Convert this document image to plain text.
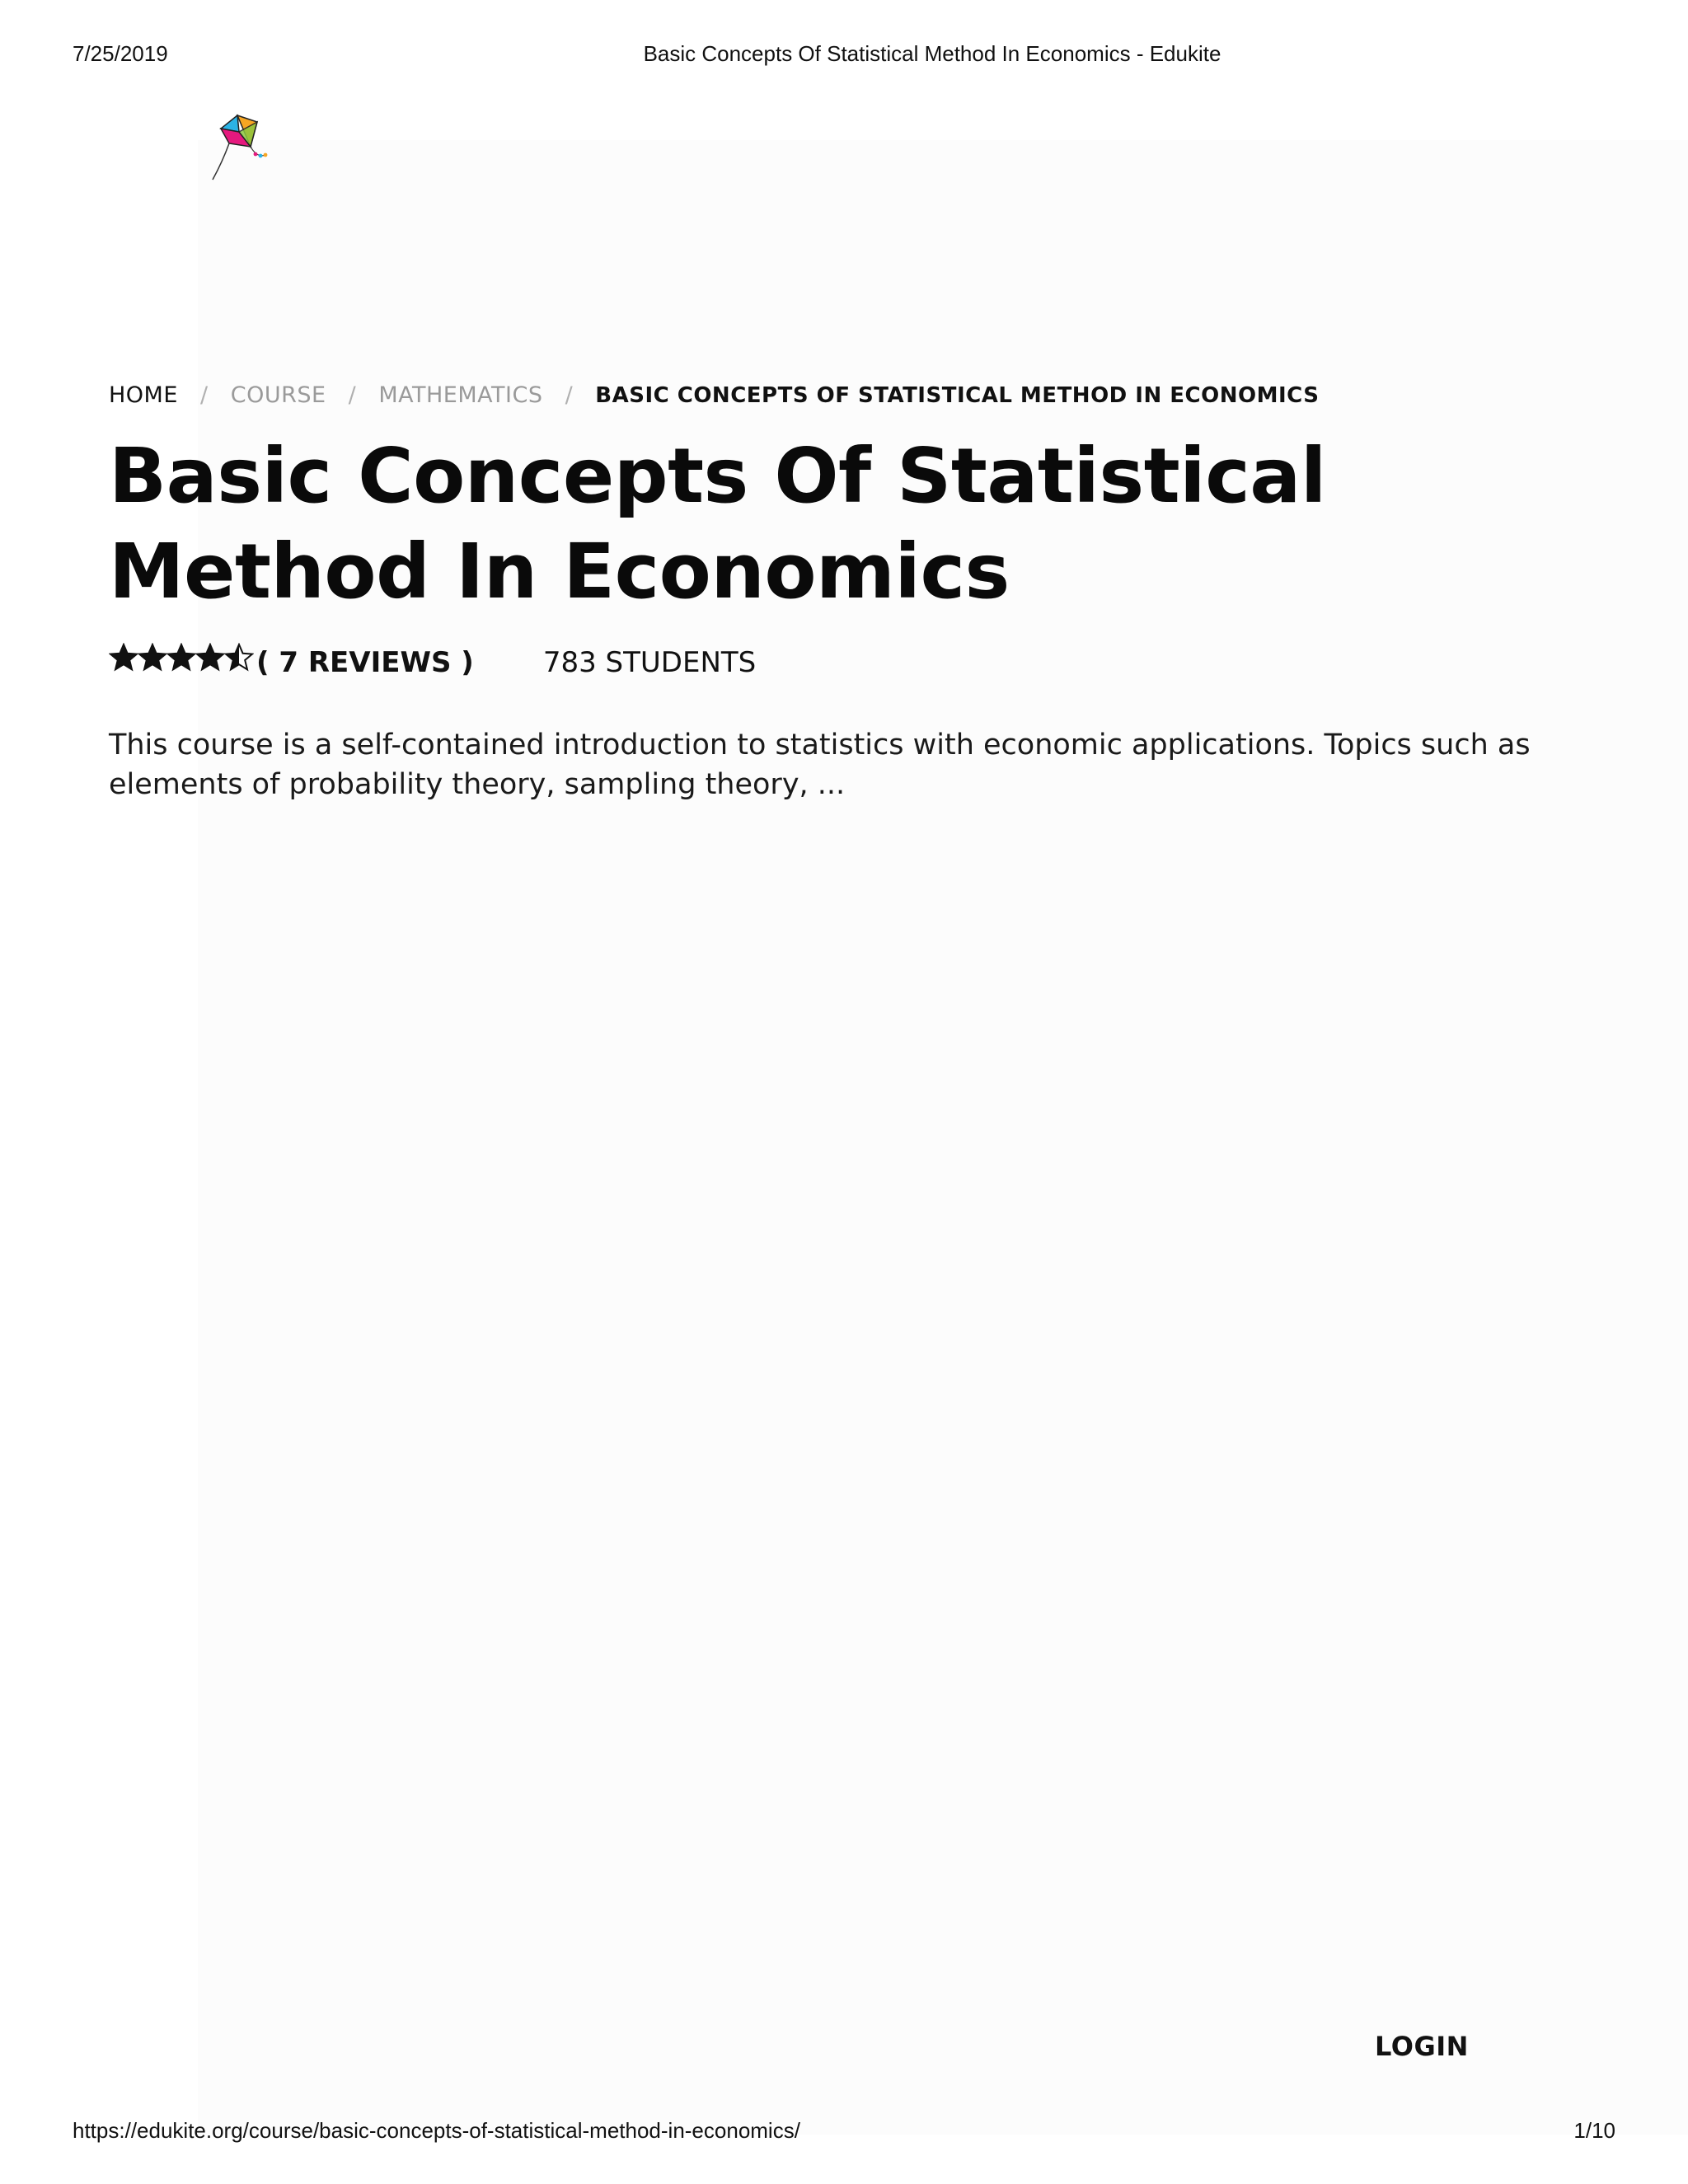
7/25/2019	Basic Concepts Of Statistical Method In Economics - Edukite
HOME / COURSE / MATHEMATICS / BASIC CONCEPTS OF STATISTICAL METHOD IN ECONOMICS
Basic Concepts Of Statistical Method In Economics
( 7 REVIEWS ) 783 STUDENTS

This course is a self-contained introduction to statistics with economic applications. Topics such as elements of probability theory, sampling theory, ...

LOGIN
https://edukite.org/course/basic-concepts-of-statistical-method-in-economics/	1/10
